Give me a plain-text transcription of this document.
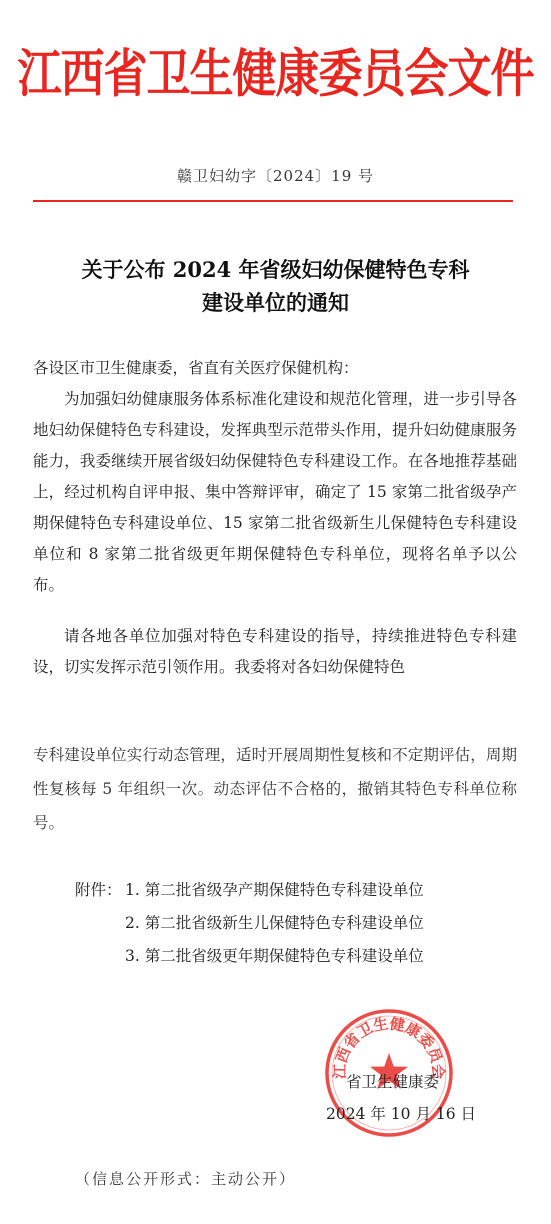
江西省卫生健康委员会文件
赣卫妇幼字〔2024〕19 号
关于公布 2024 年省级妇幼保健特色专科
建设单位的通知

各设区市卫生健康委，省直有关医疗保健机构：

为加强妇幼健康服务体系标准化建设和规范化管理，进一步引导各地妇幼保健特色专科建设，发挥典型示范带头作用，提升妇幼健康服务能力，我委继续开展省级妇幼保健特色专科建设工作。在各地推荐基础上，经过机构自评申报、集中答辩评审，确定了 15 家第二批省级孕产期保健特色专科建设单位、15 家第二批省级新生儿保健特色专科建设单位和 8 家第二批省级更年期保健特色专科单位，现将名单予以公布。

请各地各单位加强对特色专科建设的指导，持续推进特色专科建设，切实发挥示范引领作用。我委将对各妇幼保健特色

专科建设单位实行动态管理，适时开展周期性复核和不定期评估，周期性复核每 5 年组织一次。动态评估不合格的，撤销其特色专科单位称号。

附件： 1. 第二批省级孕产期保健特色专科建设单位
2. 第二批省级新生儿保健特色专科建设单位
3. 第二批省级更年期保健特色专科建设单位
江西省卫生健康委员会
省卫生健康委
2024 年 10 月 16 日
（信息公开形式：主动公开）
